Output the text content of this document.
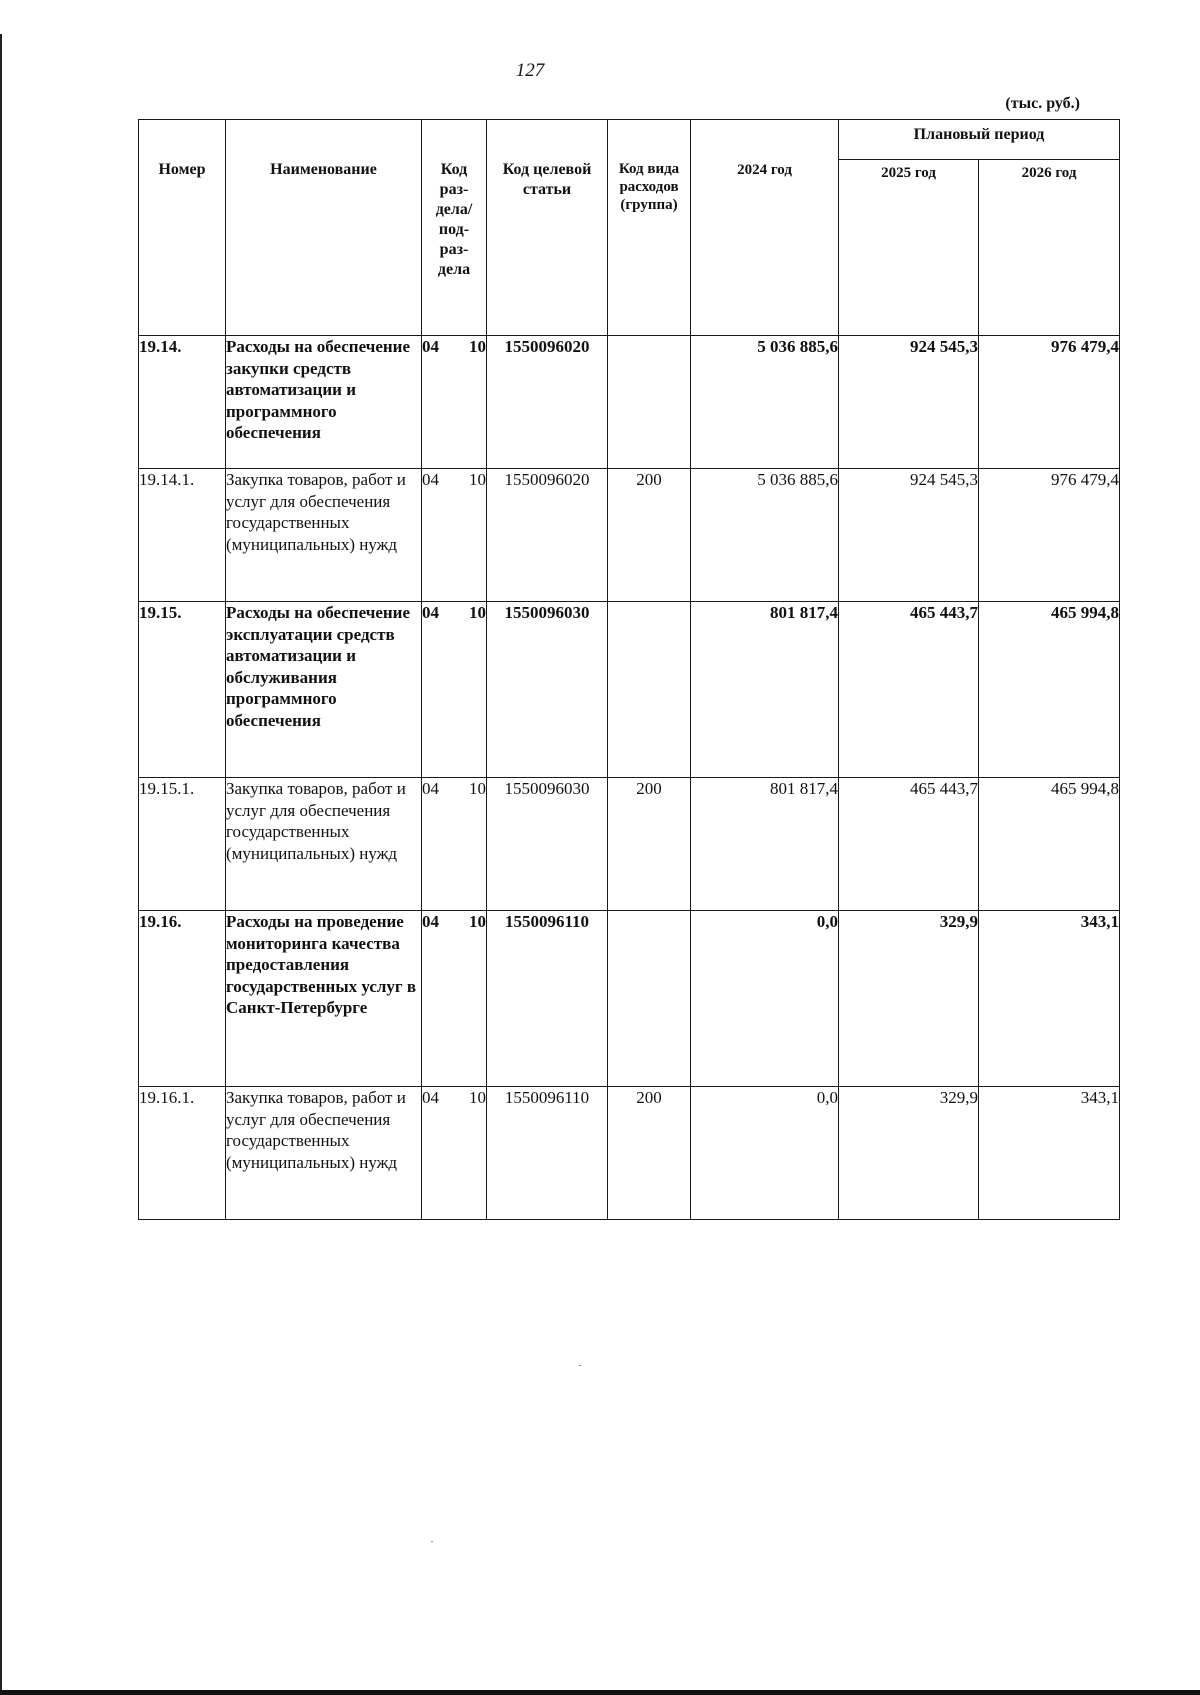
127
(тыс. руб.)
Номер	Наименование	Код раз- дела/ под- раз- дела	Код целевой статьи	Код вида расходов (группа)	2024 год	Плановый период	
						2025 год	2026 год
19.14.	Расходы на обеспечение закупки средств автоматизации и программного обеспечения	04 10	1550096020		5 036 885,6	924 545,3	976 479,4
19.14.1.	Закупка товаров, работ и услуг для обеспечения государственных (муниципальных) нужд	04 10	1550096020	200	5 036 885,6	924 545,3	976 479,4
19.15.	Расходы на обеспечение эксплуатации средств автоматизации и обслуживания программного обеспечения	04 10	1550096030		801 817,4	465 443,7	465 994,8
19.15.1.	Закупка товаров, работ и услуг для обеспечения государственных (муниципальных) нужд	04 10	1550096030	200	801 817,4	465 443,7	465 994,8
19.16.	Расходы на проведение мониторинга качества предоставления государственных услуг в Санкт-Петербурге	04 10	1550096110		0,0	329,9	343,1
19.16.1.	Закупка товаров, работ и услуг для обеспечения государственных (муниципальных) нужд	04 10	1550096110	200	0,0	329,9	343,1
